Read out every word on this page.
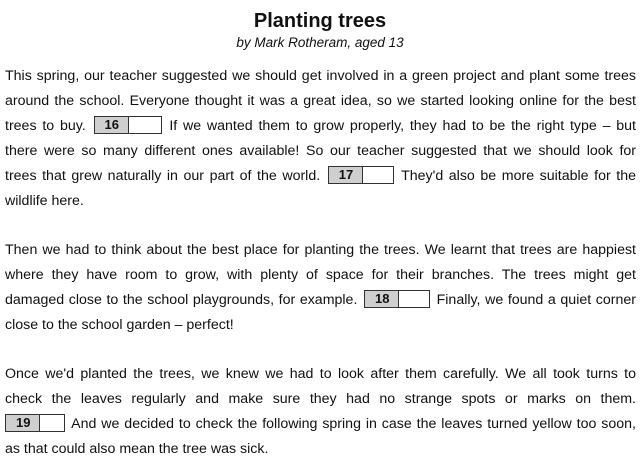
Planting trees
by Mark Rotheram, aged 13
This spring, our teacher suggested we should get involved in a green project and plant some trees
around the school. Everyone thought it was a great idea, so we started looking online for the best
trees to buy. 16	If we wanted them to grow properly, they had to be the right type – but
there were so many different ones available! So our teacher suggested that we should look for
trees that grew naturally in our part of the world. 17	They'd also be more suitable for the
wildlife here.
Then we had to think about the best place for planting the trees. We learnt that trees are happiest
where they have room to grow, with plenty of space for their branches. The trees might get
damaged close to the school playgrounds, for example. 18	Finally, we found a quiet corner
close to the school garden – perfect!
Once we'd planted the trees, we knew we had to look after them carefully. We all took turns to
check the leaves regularly and make sure they had no strange spots or marks on them.
19	And we decided to check the following spring in case the leaves turned yellow too soon,
as that could also mean the tree was sick.
